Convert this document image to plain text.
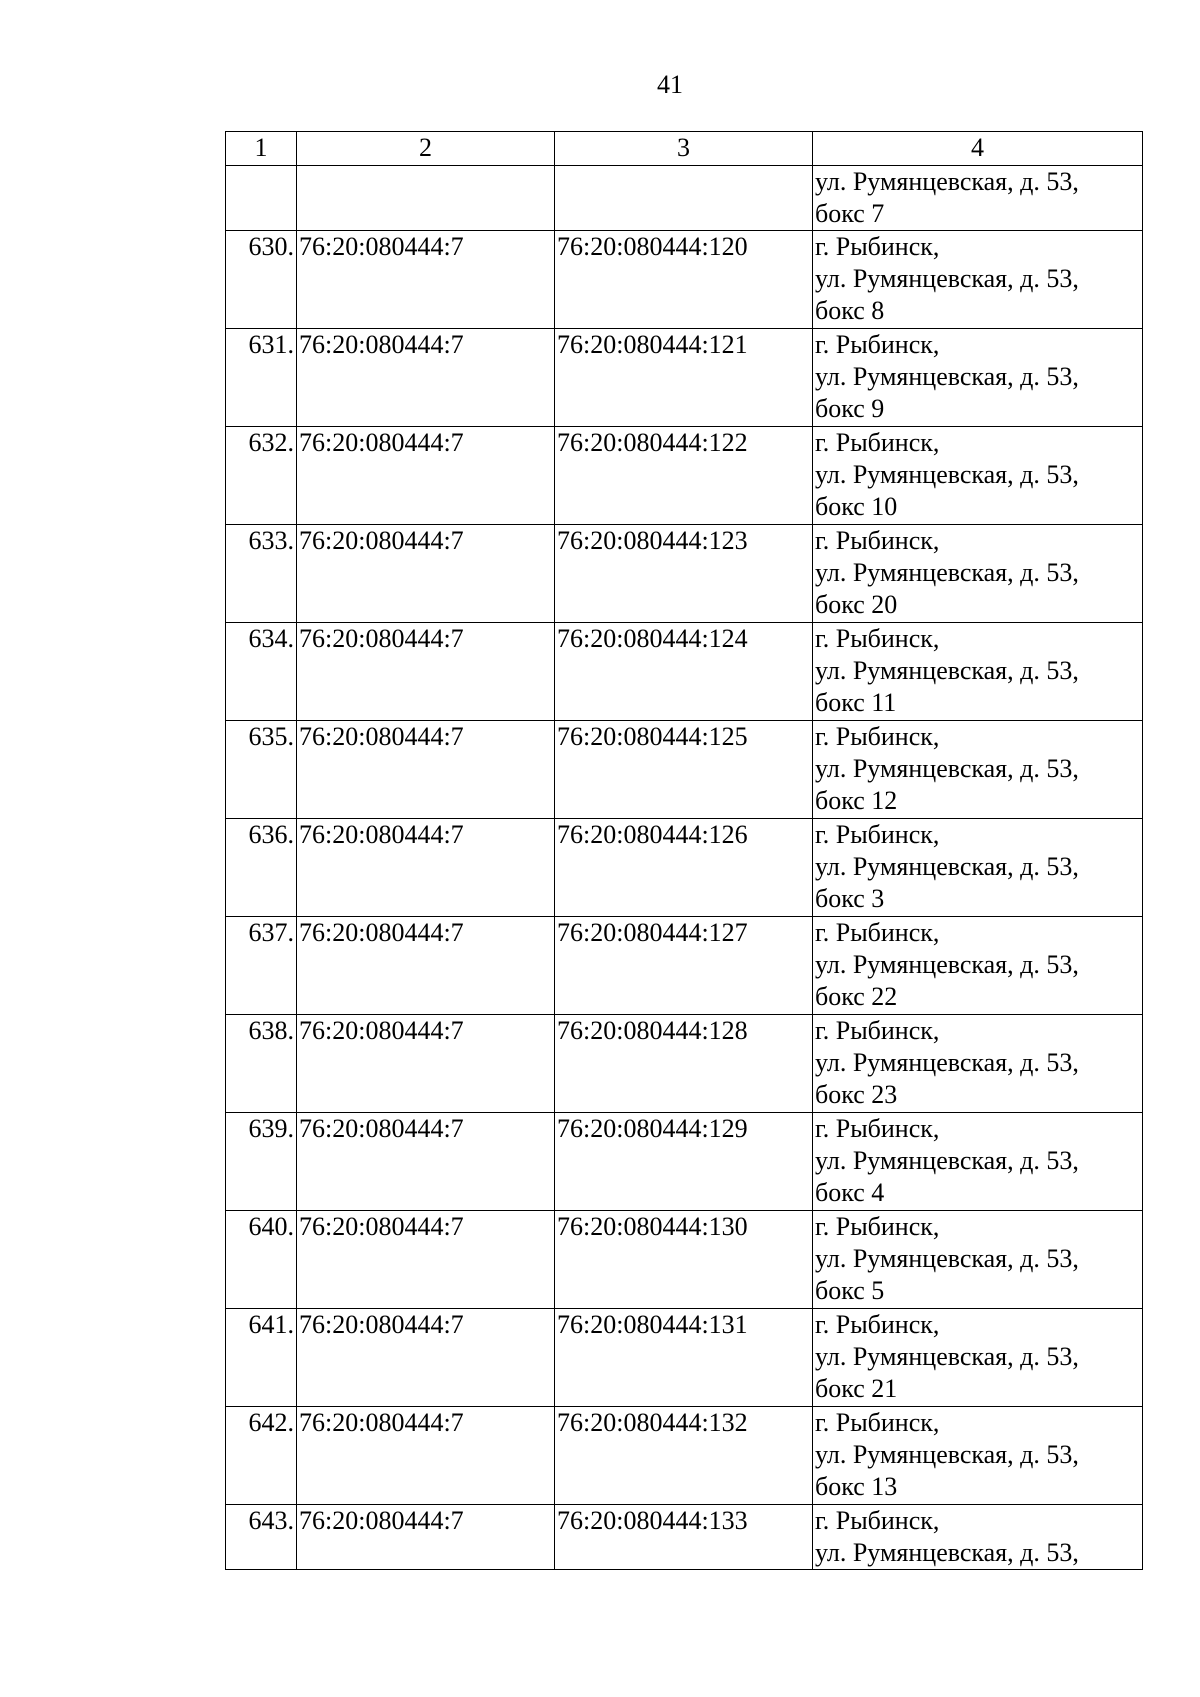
41
1	2	3	4

			ул. Румянцевская, д. 53,
бокс 7

630.	76:20:080444:7	76:20:080444:120	г. Рыбинск,
ул. Румянцевская, д. 53,
бокс 8

631.	76:20:080444:7	76:20:080444:121	г. Рыбинск,
ул. Румянцевская, д. 53,
бокс 9

632.	76:20:080444:7	76:20:080444:122	г. Рыбинск,
ул. Румянцевская, д. 53,
бокс 10

633.	76:20:080444:7	76:20:080444:123	г. Рыбинск,
ул. Румянцевская, д. 53,
бокс 20

634.	76:20:080444:7	76:20:080444:124	г. Рыбинск,
ул. Румянцевская, д. 53,
бокс 11

635.	76:20:080444:7	76:20:080444:125	г. Рыбинск,
ул. Румянцевская, д. 53,
бокс 12

636.	76:20:080444:7	76:20:080444:126	г. Рыбинск,
ул. Румянцевская, д. 53,
бокс 3

637.	76:20:080444:7	76:20:080444:127	г. Рыбинск,
ул. Румянцевская, д. 53,
бокс 22

638.	76:20:080444:7	76:20:080444:128	г. Рыбинск,
ул. Румянцевская, д. 53,
бокс 23

639.	76:20:080444:7	76:20:080444:129	г. Рыбинск,
ул. Румянцевская, д. 53,
бокс 4

640.	76:20:080444:7	76:20:080444:130	г. Рыбинск,
ул. Румянцевская, д. 53,
бокс 5

641.	76:20:080444:7	76:20:080444:131	г. Рыбинск,
ул. Румянцевская, д. 53,
бокс 21

642.	76:20:080444:7	76:20:080444:132	г. Рыбинск,
ул. Румянцевская, д. 53,
бокс 13

643.	76:20:080444:7	76:20:080444:133	г. Рыбинск,
ул. Румянцевская, д. 53,
